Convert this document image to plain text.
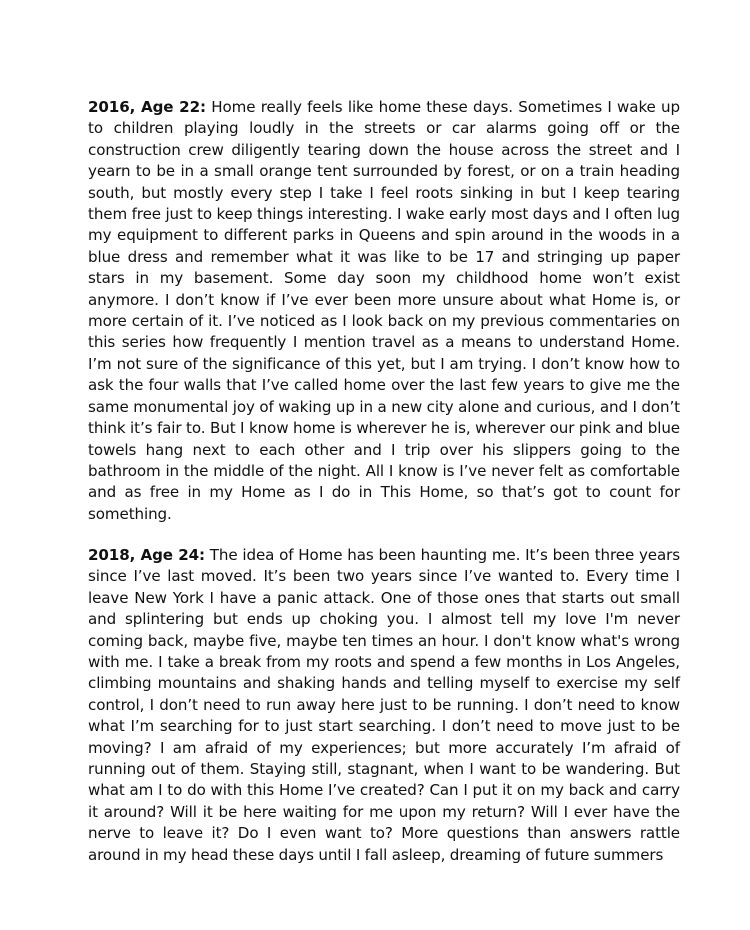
2016, Age 22: Home really feels like home these days. Sometimes I wake up to children playing loudly in the streets or car alarms going off or the construction crew diligently tearing down the house across the street and I yearn to be in a small orange tent surrounded by forest, or on a train heading south, but mostly every step I take I feel roots sinking in but I keep tearing them free just to keep things interesting. I wake early most days and I often lug my equipment to different parks in Queens and spin around in the woods in a blue dress and remember what it was like to be 17 and stringing up paper stars in my basement. Some day soon my childhood home won’t exist anymore. I don’t know if I’ve ever been more unsure about what Home is, or more certain of it. I’ve noticed as I look back on my previous commentaries on this series how frequently I mention travel as a means to understand Home. I’m not sure of the significance of this yet, but I am trying. I don’t know how to ask the four walls that I’ve called home over the last few years to give me the same monumental joy of waking up in a new city alone and curious, and I don’t think it’s fair to. But I know home is wherever he is, wherever our pink and blue towels hang next to each other and I trip over his slippers going to the bathroom in the middle of the night. All I know is I’ve never felt as comfortable and as free in my Home as I do in This Home, so that’s got to count for something.

2018, Age 24: The idea of Home has been haunting me. It’s been three years since I’ve last moved. It’s been two years since I’ve wanted to. Every time I leave New York I have a panic attack. One of those ones that starts out small and splintering but ends up choking you. I almost tell my love I'm never coming back, maybe five, maybe ten times an hour. I don't know what's wrong with me. I take a break from my roots and spend a few months in Los Angeles, climbing mountains and shaking hands and telling myself to exercise my self control, I don’t need to run away here just to be running. I don’t need to know what I’m searching for to just start searching. I don’t need to move just to be moving? I am afraid of my experiences; but more accurately I’m afraid of running out of them. Staying still, stagnant, when I want to be wandering. But what am I to do with this Home I’ve created? Can I put it on my back and carry it around? Will it be here waiting for me upon my return? Will I ever have the nerve to leave it? Do I even want to? More questions than answers rattle around in my head these days until I fall asleep, dreaming of future summers
